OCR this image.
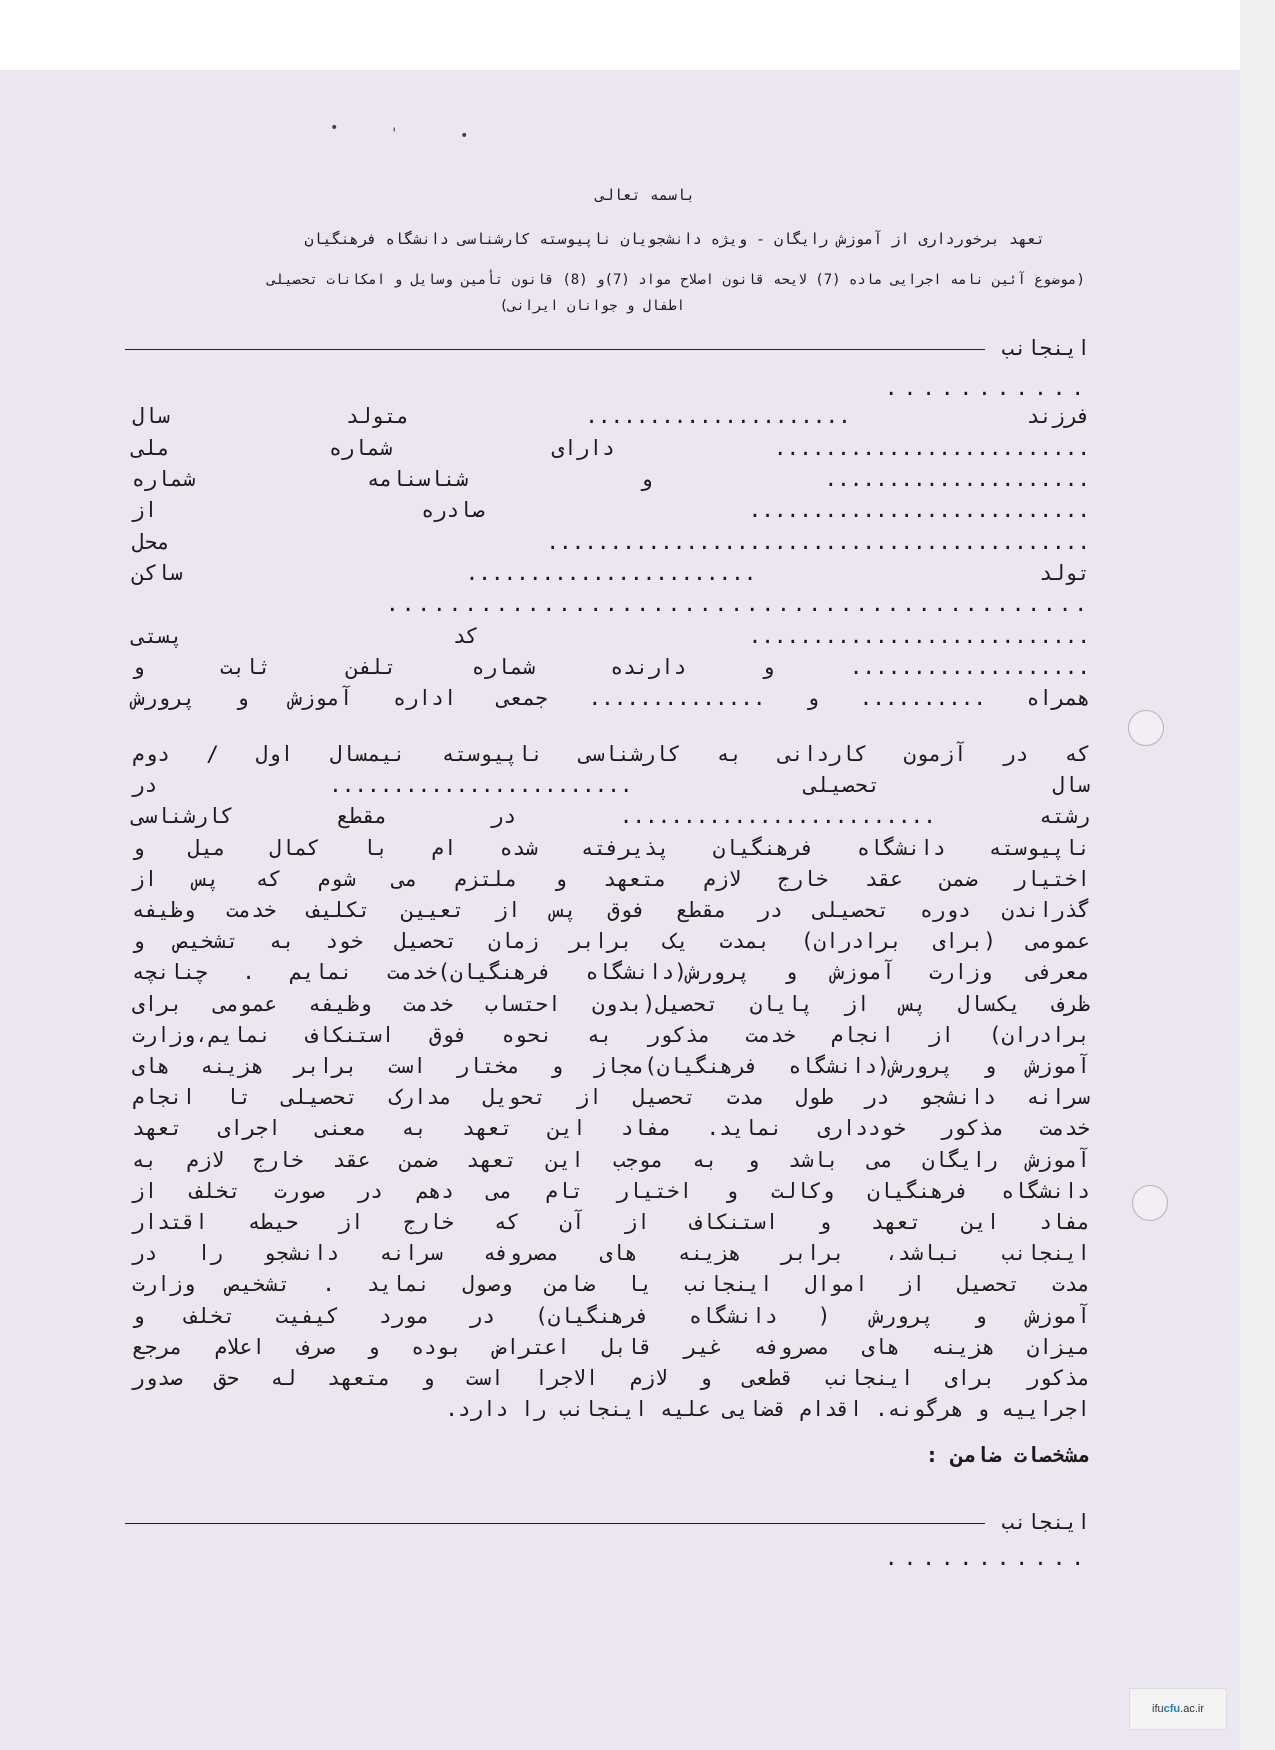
•	'	•
باسمه تعالی
تعهد برخورداری از آموزش رایگان - ویژه دانشجویان ناپیوسته کارشناسی دانشگاه فرهنگیان
(موضوع آئین نامه اجرایی ماده (7) لایحه قانون اصلاح مواد (7)و (8) قانون تأمین وسایل و امکانات تحصیلی
اطفال و جوانان ایرانی)
اینجانب
...........
فرزند ..................... متولد سال
......................... دارای شماره ملی
..................... و شناسنامه شماره
........................... صادره از
........................................... محل
تولد ....................... ساکن
.............................................
........................... کد پستی
................... و دارنده شماره تلفن ثابت و
همراه .......... و .............. جمعی اداره آموزش و پرورش
که در آزمون کاردانی به کارشناسی ناپیوسته نیمسال اول / دوم
سال تحصیلی ........................ در
رشته ......................... در مقطع کارشناسی
ناپیوسته دانشگاه فرهنگیان پذیرفته شده ام با کمال میل و
اختیار ضمن عقد خارج لازم متعهد و ملتزم می شوم که پس از
گذراندن دوره تحصیلی در مقطع فوق پس از تعیین تکلیف خدمت وظیفه
عمومی (برای برادران) بمدت یک برابر زمان تحصیل خود به تشخیص و
معرفی وزارت آموزش و پرورش(دانشگاه فرهنگیان)خدمت نمایم . چنانچه
ظرف یکسال پس از پایان تحصیل(بدون احتساب خدمت وظیفه عمومی برای
برادران) از انجام خدمت مذکور به نحوه فوق استنکاف نمایم،وزارت
آموزش و پرورش(دانشگاه فرهنگیان)مجاز و مختار است برابر هزینه های
سرانه دانشجو در طول مدت تحصیل از تحویل مدارک تحصیلی تا انجام
خدمت مذکور خودداری نماید. مفاد این تعهد به معنی اجرای تعهد
آموزش رایگان می باشد و به موجب این تعهد ضمن عقد خارج لازم به
دانشگاه فرهنگیان وکالت و اختیار تام می دهم در صورت تخلف از
مفاد این تعهد و استنکاف از آن که خارج از حیطه اقتدار
اینجانب نباشد، برابر هزینه های مصروفه سرانه دانشجو را در
مدت تحصیل از اموال اینجانب یا ضامن وصول نماید . تشخیص وزارت
آموزش و پرورش ( دانشگاه فرهنگیان) در مورد کیفیت تخلف و
میزان هزینه های مصروفه غیر قابل اعتراض بوده و صرف اعلام مرجع
مذکور برای اینجانب قطعی و لازم الاجرا است و متعهد له حق صدور
اجراییه و هرگونه. اقدام قضایی علیه اینجانب را دارد.
مشخصات ضامن :
اینجانب
...........
ifu cfu .ac.ir
